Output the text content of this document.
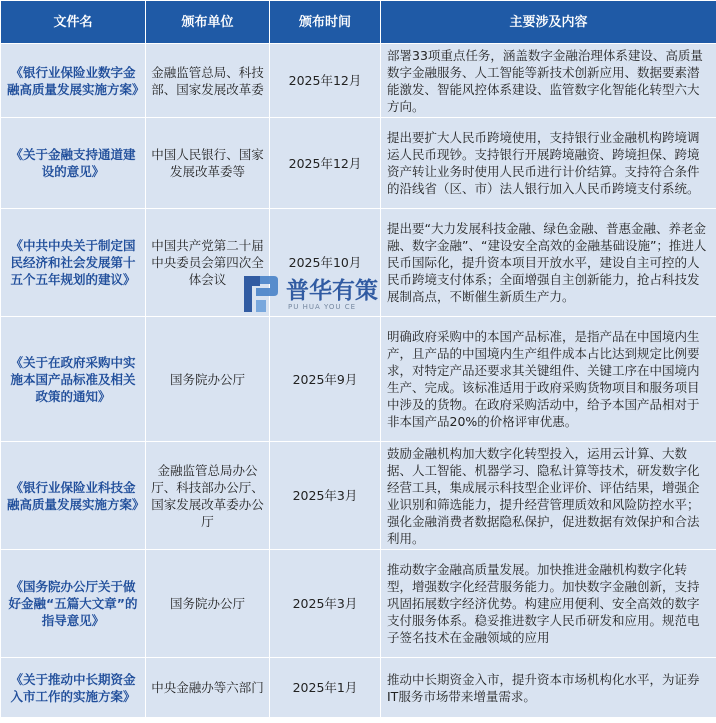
文件名	颁布单位	颁布时间	主要涉及内容
《银行业保险业数字金融高质量发展实施方案》	金融监管总局、科技部、国家发展改革委	2025年12月	部署33项重点任务，涵盖数字金融治理体系建设、高质量数字金融服务、人工智能等新技术创新应用、数据要素潜能激发、智能风控体系建设、监管数字化智能化转型六大方向。
《关于金融支持通道建设的意见》	中国人民银行、国家发展改革委等	2025年12月	提出要扩大人民币跨境使用，支持银行业金融机构跨境调运人民币现钞。支持银行开展跨境融资、跨境担保、跨境资产转让业务时使用人民币进行计价结算。支持符合条件的沿线省（区、市）法人银行加入人民币跨境支付系统。
《中共中央关于制定国民经济和社会发展第十五个五年规划的建议》	中国共产党第二十届中央委员会第四次全体会议	2025年10月	提出要“大力发展科技金融、绿色金融、普惠金融、养老金融、数字金融”、“建设安全高效的金融基础设施”；推进人民币国际化，提升资本项目开放水平，建设自主可控的人民币跨境支付体系；全面增强自主创新能力，抢占科技发展制高点，不断催生新质生产力。
《关于在政府采购中实施本国产品标准及相关政策的通知》	国务院办公厅	2025年9月	明确政府采购中的本国产品标准，是指产品在中国境内生产，且产品的中国境内生产组件成本占比达到规定比例要求，对特定产品还要求其关键组件、关键工序在中国境内生产、完成。该标准适用于政府采购货物项目和服务项目中涉及的货物。在政府采购活动中，给予本国产品相对于非本国产品20%的价格评审优惠。
《银行业保险业科技金融高质量发展实施方案》	金融监管总局办公厅、科技部办公厅、国家发展改革委办公厅	2025年3月	鼓励金融机构加大数字化转型投入，运用云计算、大数据、人工智能、机器学习、隐私计算等技术，研发数字化经营工具，集成展示科技型企业评价、评估结果，增强企业识别和筛选能力，提升经营管理质效和风险防控水平；强化金融消费者数据隐私保护，促进数据有效保护和合法利用。
《国务院办公厅关于做好金融“五篇大文章”的指导意见》	国务院办公厅	2025年3月	推动数字金融高质量发展。加快推进金融机构数字化转型，增强数字化经营服务能力。加快数字金融创新，支持巩固拓展数字经济优势。构建应用便利、安全高效的数字支付服务体系。稳妥推进数字人民币研发和应用。规范电子签名技术在金融领域的应用
《关于推动中长期资金入市工作的实施方案》	中央金融办等六部门	2025年1月	推动中长期资金入市，提升资本市场机构化水平，为证券IT服务市场带来增量需求。
普华有策
PU HUA YOU CE
